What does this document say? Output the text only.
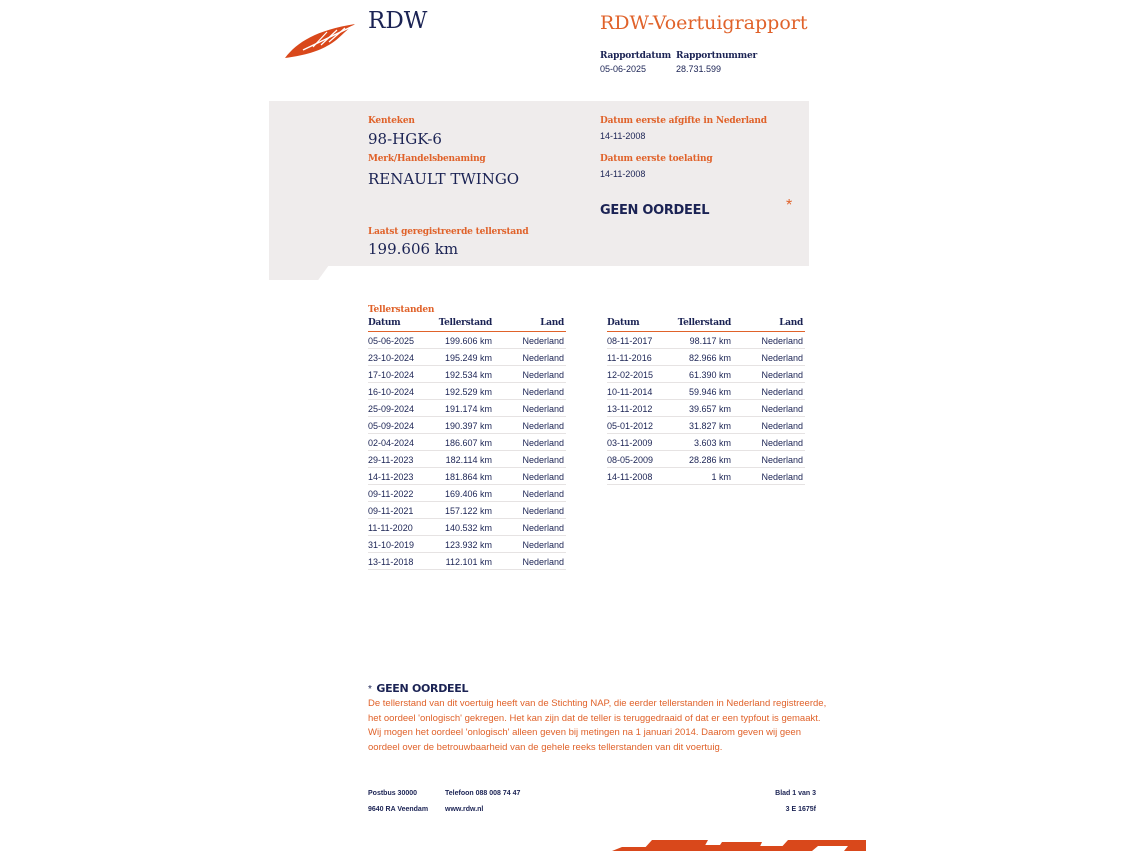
RDW	RDW-Voertuigrapport
Rapportdatum
05-06-2025
Rapportnummer
28.731.599
Kenteken
98-HGK-6
Merk/Handelsbenaming
RENAULT TWINGO
Laatst geregistreerde tellerstand
199.606 km
Datum eerste afgifte in Nederland
14-11-2008
Datum eerste toelating
14-11-2008
GEEN OORDEEL	*
Tellerstanden
Datum	Tellerstand	Land
05-06-2025	199.606 km	Nederland
23-10-2024	195.249 km	Nederland
17-10-2024	192.534 km	Nederland
16-10-2024	192.529 km	Nederland
25-09-2024	191.174 km	Nederland
05-09-2024	190.397 km	Nederland
02-04-2024	186.607 km	Nederland
29-11-2023	182.114 km	Nederland
14-11-2023	181.864 km	Nederland
09-11-2022	169.406 km	Nederland
09-11-2021	157.122 km	Nederland
11-11-2020	140.532 km	Nederland
31-10-2019	123.932 km	Nederland
13-11-2018	112.101 km	Nederland
Datum	Tellerstand	Land
08-11-2017	98.117 km	Nederland
11-11-2016	82.966 km	Nederland
12-02-2015	61.390 km	Nederland
10-11-2014	59.946 km	Nederland
13-11-2012	39.657 km	Nederland
05-01-2012	31.827 km	Nederland
03-11-2009	3.603 km	Nederland
08-05-2009	28.286 km	Nederland
14-11-2008	1 km	Nederland
* GEEN OORDEEL
De tellerstand van dit voertuig heeft van de Stichting NAP, die eerder tellerstanden in Nederland registreerde, het oordeel 'onlogisch' gekregen. Het kan zijn dat de teller is teruggedraaid of dat er een typfout is gemaakt. Wij mogen het oordeel 'onlogisch' alleen geven bij metingen na 1 januari 2014. Daarom geven wij geen oordeel over de betrouwbaarheid van de gehele reeks tellerstanden van dit voertuig.
Postbus 30000
9640 RA Veendam
Telefoon 088 008 74 47
www.rdw.nl
Blad 1 van 3
3 E 1675f
